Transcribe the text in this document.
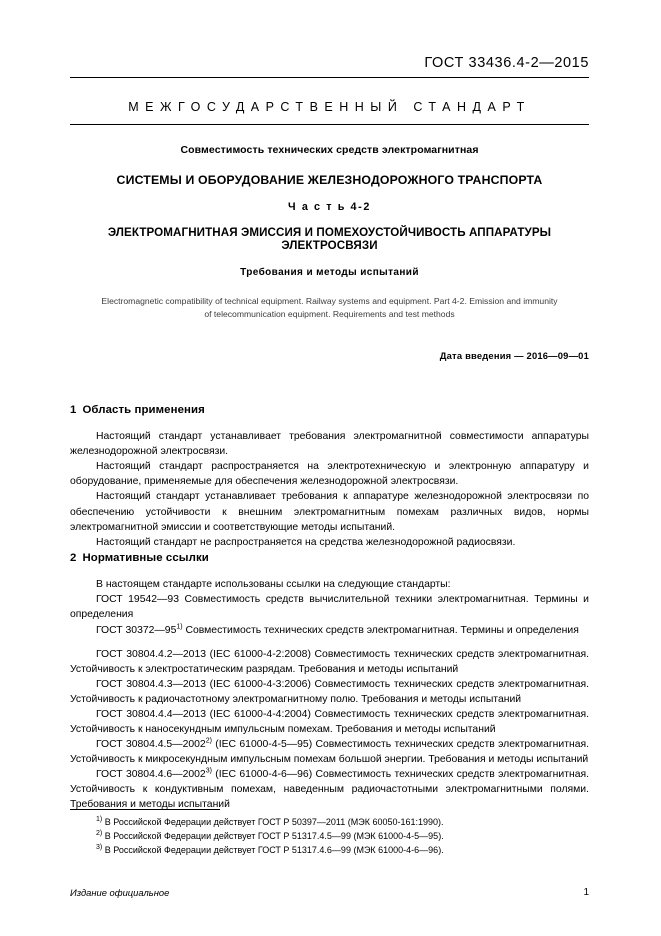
ГОСТ 33436.4-2—2015
МЕЖГОСУДАРСТВЕННЫЙ СТАНДАРТ
Совместимость технических средств электромагнитная
СИСТЕМЫ И ОБОРУДОВАНИЕ ЖЕЛЕЗНОДОРОЖНОГО ТРАНСПОРТА
Ч а с т ь 4-2
ЭЛЕКТРОМАГНИТНАЯ ЭМИССИЯ И ПОМЕХОУСТОЙЧИВОСТЬ АППАРАТУРЫ ЭЛЕКТРОСВЯЗИ
Требования и методы испытаний
Electromagnetic compatibility of technical equipment. Railway systems and equipment. Part 4-2. Emission and immunity
of telecommunication equipment. Requirements and test methods
Дата введения — 2016—09—01
1 Область применения

Настоящий стандарт устанавливает требования электромагнитной совместимости аппаратуры железнодорожной электросвязи.

Настоящий стандарт распространяется на электротехническую и электронную аппаратуру и оборудование, применяемые для обеспечения железнодорожной электросвязи.

Настоящий стандарт устанавливает требования к аппаратуре железнодорожной электросвязи по обеспечению устойчивости к внешним электромагнитным помехам различных видов, нормы электромагнитной эмиссии и соответствующие методы испытаний.

Настоящий стандарт не распространяется на средства железнодорожной радиосвязи.

2 Нормативные ссылки

В настоящем стандарте использованы ссылки на следующие стандарты:

ГОСТ 19542—93 Совместимость средств вычислительной техники электромагнитная. Термины и определения

ГОСТ 30372—95$^{1)}$ Совместимость технических средств электромагнитная. Термины и определения

ГОСТ 30804.4.2—2013 (IEC 61000-4-2:2008) Совместимость технических средств электромагнитная. Устойчивость к электростатическим разрядам. Требования и методы испытаний

ГОСТ 30804.4.3—2013 (IEC 61000-4-3:2006) Совместимость технических средств электромагнитная. Устойчивость к радиочастотному электромагнитному полю. Требования и методы испытаний

ГОСТ 30804.4.4—2013 (IEC 61000-4-4:2004) Совместимость технических средств электромагнитная. Устойчивость к наносекундным импульсным помехам. Требования и методы испытаний

ГОСТ 30804.4.5—2002$^{2)}$ (IEC 61000-4-5—95) Совместимость технических средств электромагнитная. Устойчивость к микросекундным импульсным помехам большой энергии. Требования и методы испытаний

ГОСТ 30804.4.6—2002$^{3)}$ (IEC 61000-4-6—96) Совместимость технических средств электромагнитная. Устойчивость к кондуктивным помехам, наведенным радиочастотными электромагнитными полями. Требования и методы испытаний

$^{1)}$ В Российской Федерации действует ГОСТ Р 50397—2011 (МЭК 60050-161:1990).

$^{2)}$ В Российской Федерации действует ГОСТ Р 51317.4.5—99 (МЭК 61000-4-5—95).

$^{3)}$ В Российской Федерации действует ГОСТ Р 51317.4.6—99 (МЭК 61000-4-6—96).

Издание официальное	1
